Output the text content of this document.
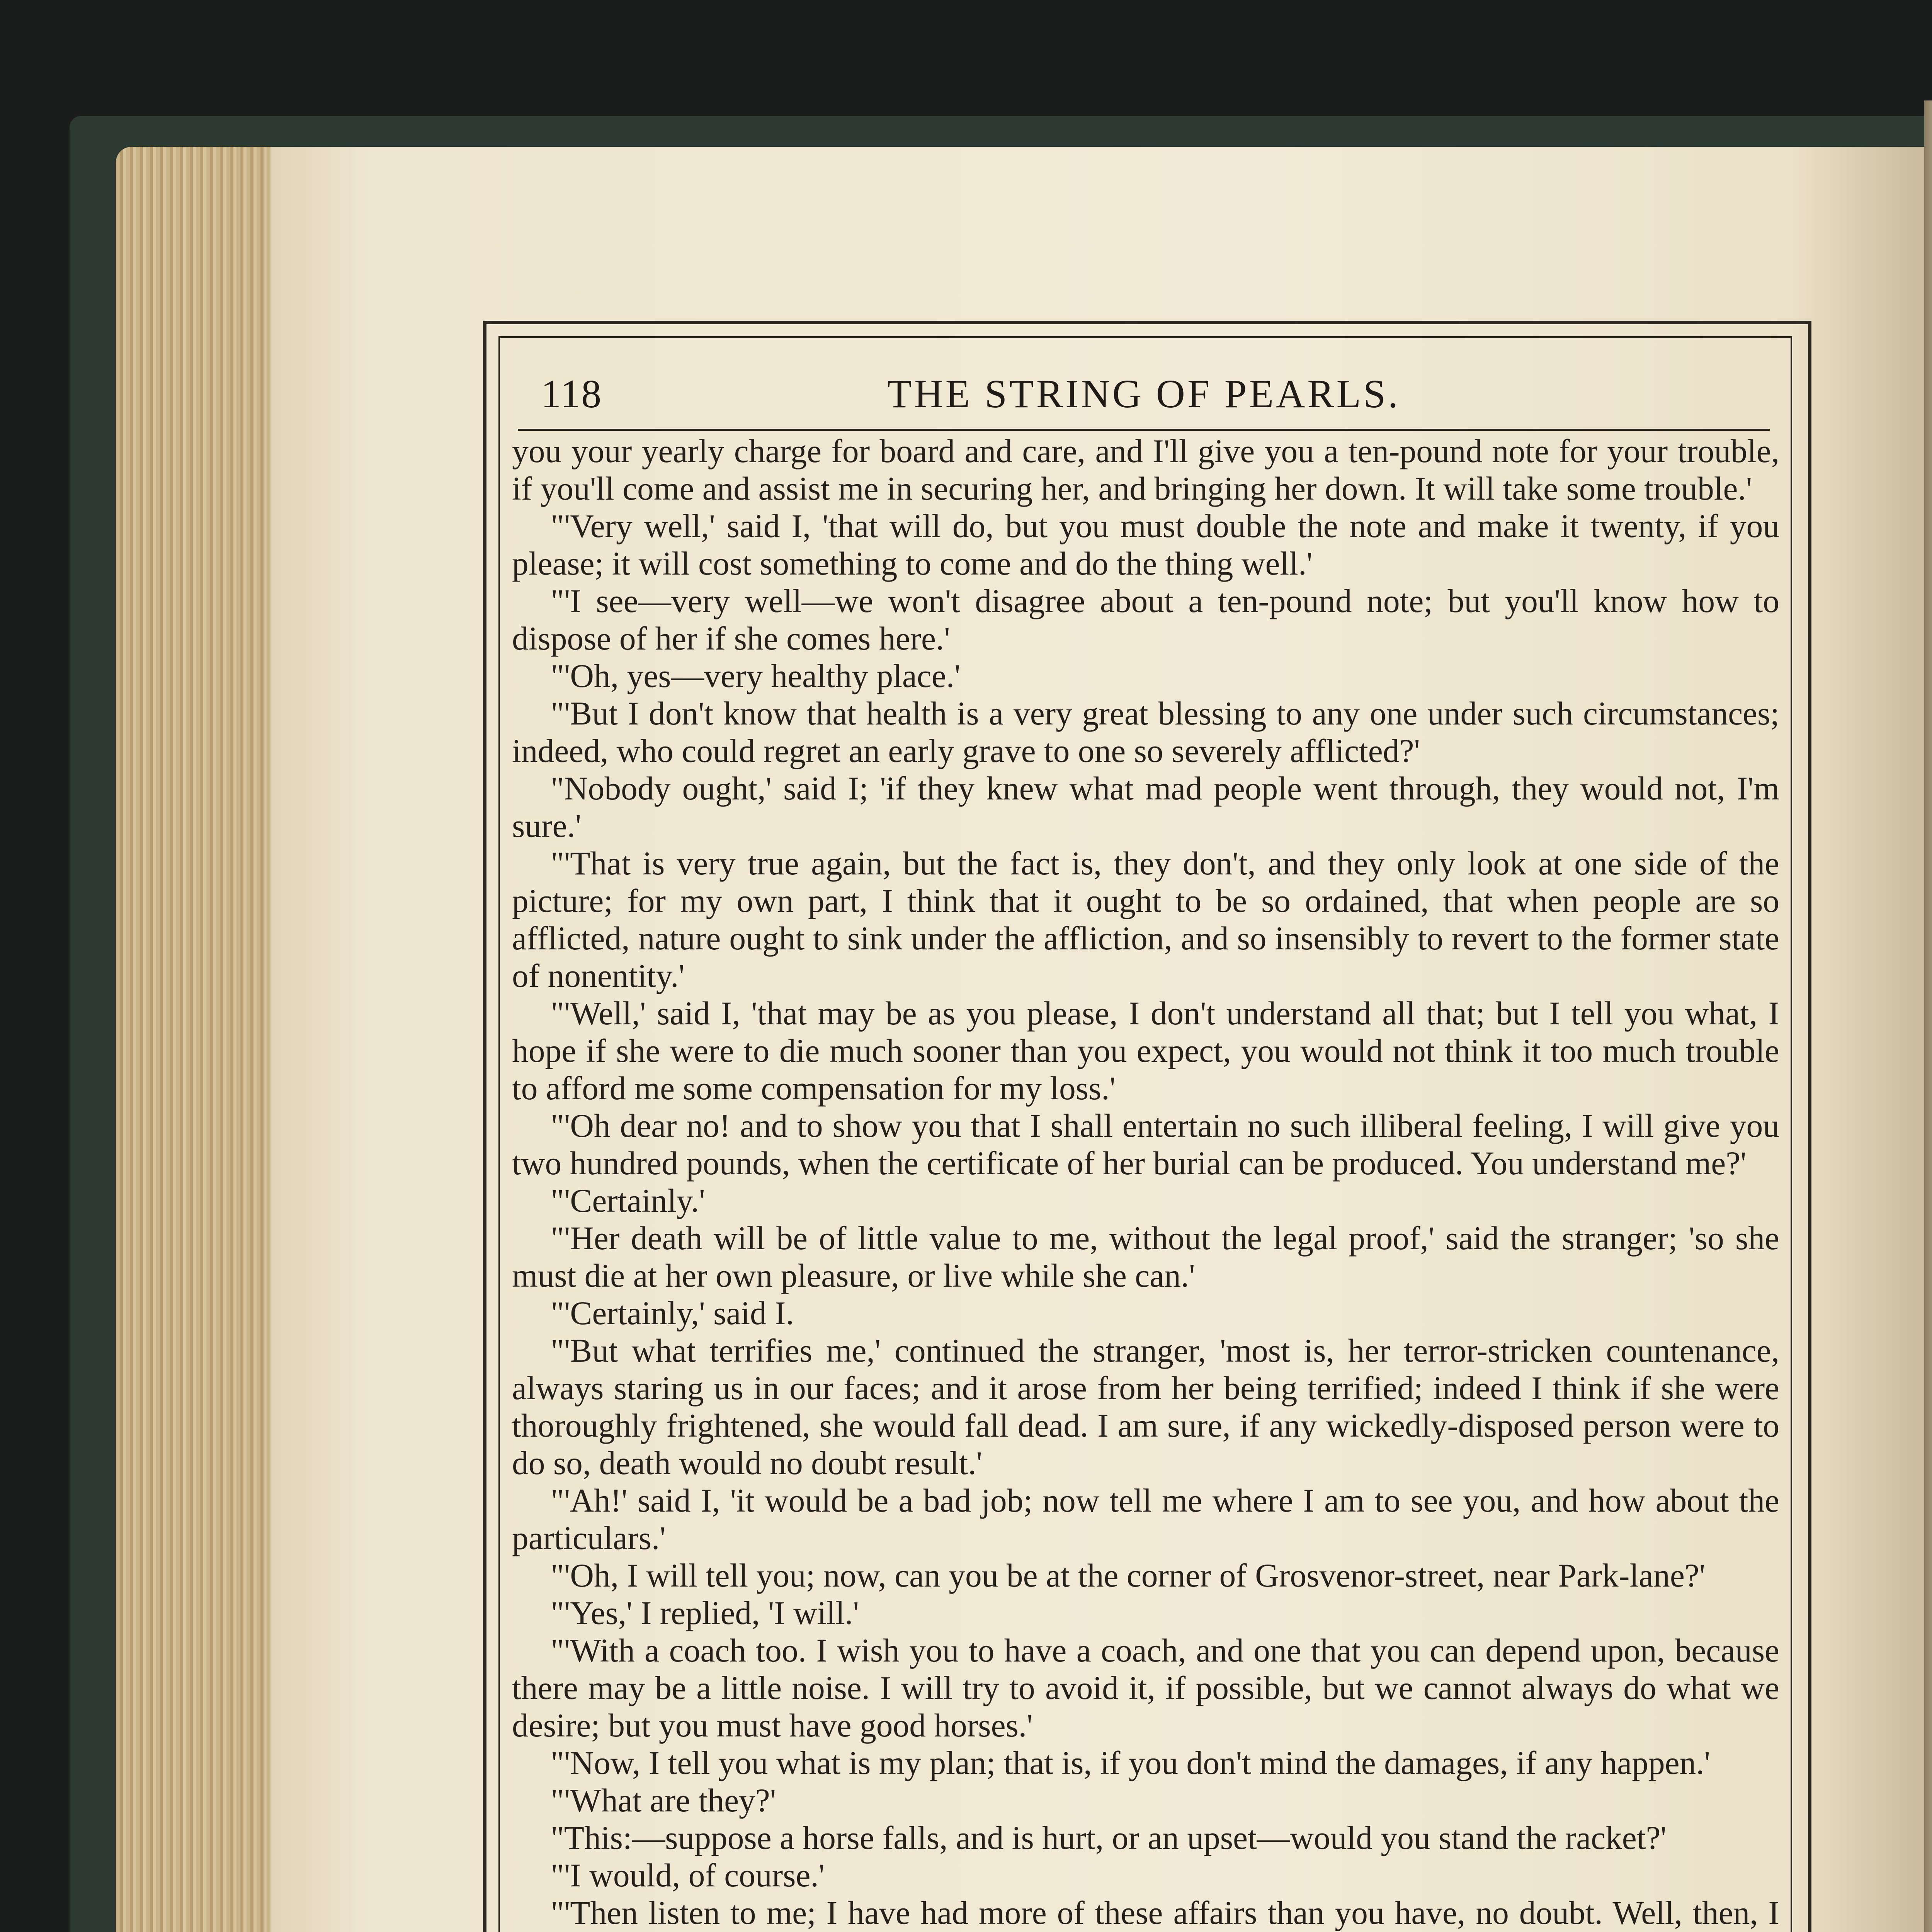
118	THE STRING OF PEARLS.

you your yearly charge for board and care, and I'll give you a ten-pound note for your trouble, if you'll come and assist me in securing her, and bringing her down. It will take some trouble.'

"'Very well,' said I, 'that will do, but you must double the note and make it twenty, if you please; it will cost something to come and do the thing well.'

"'I see—very well—we won't disagree about a ten-pound note; but you'll know how to dispose of her if she comes here.'

"'Oh, yes—very healthy place.'

"'But I don't know that health is a very great blessing to any one under such circumstances; indeed, who could regret an early grave to one so severely afflicted?'

"Nobody ought,' said I; 'if they knew what mad people went through, they would not, I'm sure.'

"'That is very true again, but the fact is, they don't, and they only look at one side of the picture; for my own part, I think that it ought to be so ordained, that when people are so afflicted, nature ought to sink under the affliction, and so insensibly to revert to the former state of nonentity.'

"'Well,' said I, 'that may be as you please, I don't understand all that; but I tell you what, I hope if she were to die much sooner than you expect, you would not think it too much trouble to afford me some compensation for my loss.'

"'Oh dear no! and to show you that I shall entertain no such illiberal feeling, I will give you two hundred pounds, when the certificate of her burial can be produced. You understand me?'

"'Certainly.'

"'Her death will be of little value to me, without the legal proof,' said the stranger; 'so she must die at her own pleasure, or live while she can.'

"'Certainly,' said I.

"'But what terrifies me,' continued the stranger, 'most is, her terror-stricken countenance, always staring us in our faces; and it arose from her being terrified; indeed I think if she were thoroughly frightened, she would fall dead. I am sure, if any wickedly-disposed person were to do so, death would no doubt result.'

"'Ah!' said I, 'it would be a bad job; now tell me where I am to see you, and how about the particulars.'

"'Oh, I will tell you; now, can you be at the corner of Grosvenor-street, near Park-lane?'

"'Yes,' I replied, 'I will.'

"'With a coach too. I wish you to have a coach, and one that you can depend upon, because there may be a little noise. I will try to avoid it, if possible, but we cannot always do what we desire; but you must have good horses.'

"'Now, I tell you what is my plan; that is, if you don't mind the damages, if any happen.'

"'What are they?'

"This:—suppose a horse falls, and is hurt, or an upset—would you stand the racket?'

"'I would, of course.'

"'Then listen to me; I have had more of these affairs than you have, no doubt. Well, then, I
